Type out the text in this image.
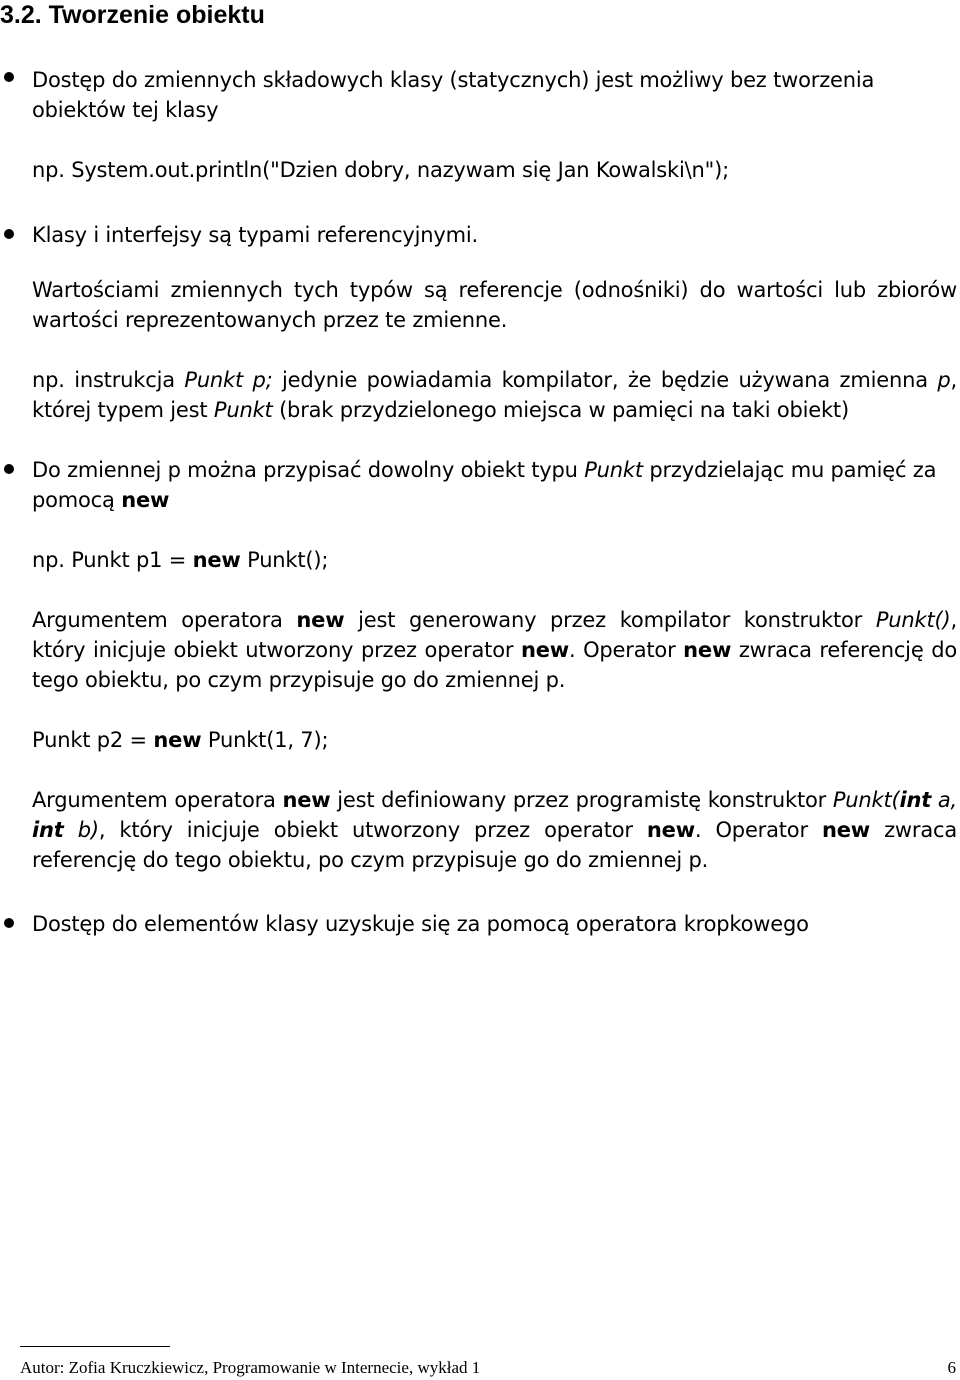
3.2. Tworzenie obiektu

Dostęp do zmiennych składowych klasy (statycznych) jest możliwy bez tworzenia obiektów tej klasy

np. System.out.println("Dzien dobry, nazywam się Jan Kowalski\n");

Klasy i interfejsy są typami referencyjnymi.

Wartościami zmiennych tych typów są referencje (odnośniki) do wartości lub zbiorów wartości reprezentowanych przez te zmienne.

np. instrukcja Punkt p; jedynie powiadamia kompilator, że będzie używana zmienna p, której typem jest Punkt (brak przydzielonego miejsca w pamięci na taki obiekt)

Do zmiennej p można przypisać dowolny obiekt typu Punkt przydzielając mu pamięć za pomocą new

np. Punkt p1 = new Punkt();

Argumentem operatora new jest generowany przez kompilator konstruktor Punkt(), który inicjuje obiekt utworzony przez operator new. Operator new zwraca referencję do tego obiektu, po czym przypisuje go do zmiennej p.

Punkt p2 = new Punkt(1, 7);

Argumentem operatora new jest definiowany przez programistę konstruktor Punkt(int a, int b), który inicjuje obiekt utworzony przez operator new. Operator new zwraca referencję do tego obiektu, po czym przypisuje go do zmiennej p.

Dostęp do elementów klasy uzyskuje się za pomocą operatora kropkowego

Autor: Zofia Kruczkiewicz, Programowanie w Internecie, wykład 1	6
